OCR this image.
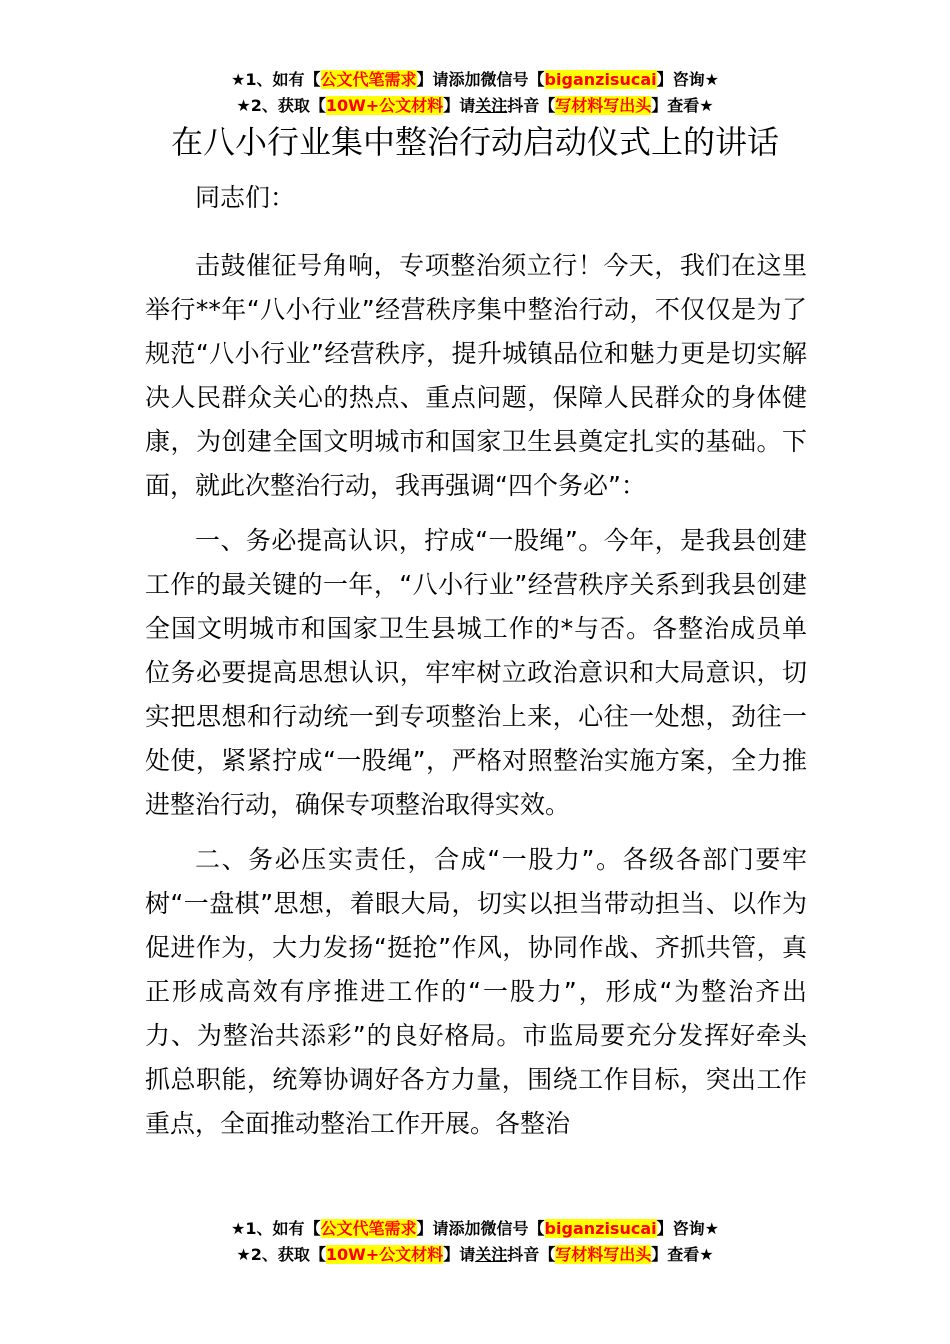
★1、如有【公文代笔需求】请添加微信号【biganzisucai】咨询★
★2、获取【10W+公文材料】请关注抖音【写材料写出头】查看★
在八小行业集中整治行动启动仪式上的讲话

同志们：

击鼓催征号角响，专项整治须立行！今天，我们在这里举行**年“八小行业”经营秩序集中整治行动，不仅仅是为了规范“八小行业”经营秩序，提升城镇品位和魅力更是切实解决人民群众关心的热点、重点问题，保障人民群众的身体健康，为创建全国文明城市和国家卫生县奠定扎实的基础。下面，就此次整治行动，我再强调“四个务必”：

一、务必提高认识，拧成“一股绳”。今年，是我县创建工作的最关键的一年，“八小行业”经营秩序关系到我县创建全国文明城市和国家卫生县城工作的*与否。各整治成员单位务必要提高思想认识，牢牢树立政治意识和大局意识，切实把思想和行动统一到专项整治上来，心往一处想，劲往一处使，紧紧拧成“一股绳”，严格对照整治实施方案，全力推进整治行动，确保专项整治取得实效。

二、务必压实责任，合成“一股力”。各级各部门要牢树“一盘棋”思想，着眼大局，切实以担当带动担当、以作为促进作为，大力发扬“挺抢”作风，协同作战、齐抓共管，真正形成高效有序推进工作的“一股力”，形成“为整治齐出力、为整治共添彩”的良好格局。市监局要充分发挥好牵头抓总职能，统筹协调好各方力量，围绕工作目标，突出工作重点，全面推动整治工作开展。各整治

★1、如有【公文代笔需求】请添加微信号【biganzisucai】咨询★
★2、获取【10W+公文材料】请关注抖音【写材料写出头】查看★
